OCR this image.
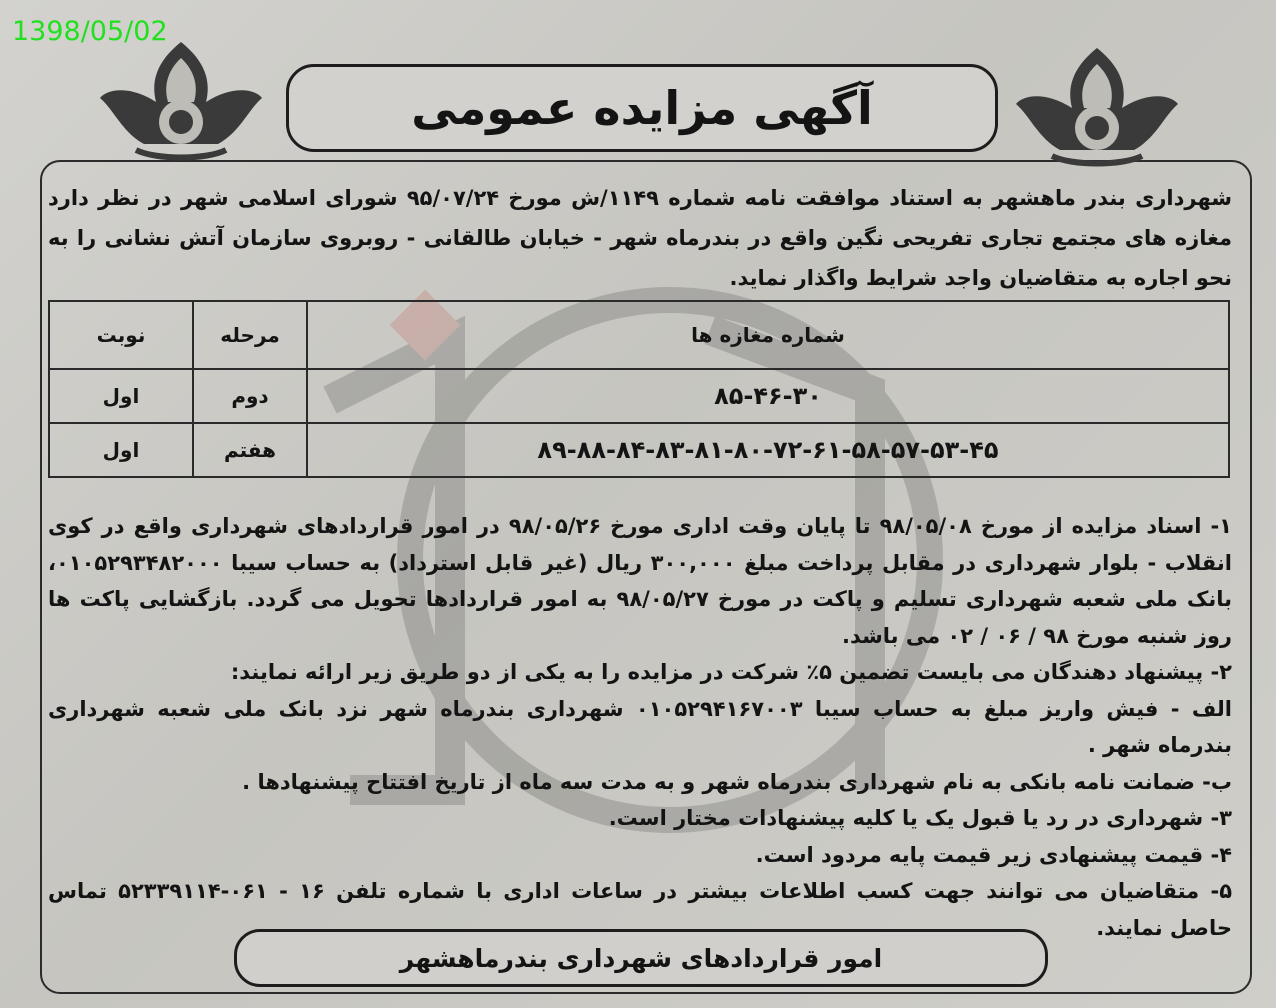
1398/05/02
آگهی مزایده عمومی
شهرداری بندر ماهشهر به استناد موافقت نامه شماره ۱۱۴۹/ش مورخ ۹۵/۰۷/۲۴ شورای اسلامی شهر در نظر دارد مغازه های مجتمع تجاری تفریحی نگین واقع در بندرماه شهر - خیابان طالقانی - روبروی سازمان آتش نشانی را به نحو اجاره به متقاضیان واجد شرایط واگذار نماید.
شماره مغازه ها	مرحله	نوبت
۸۵-۴۶-۳۰	دوم	اول
۸۹-۸۸-۸۴-۸۳-۸۱-۸۰-۷۲-۶۱-۵۸-۵۷-۵۳-۴۵	هفتم	اول

۱- اسناد مزایده از مورخ ۹۸/۰۵/۰۸ تا پایان وقت اداری مورخ ۹۸/۰۵/۲۶ در امور قراردادهای شهرداری واقع در کوی انقلاب - بلوار شهرداری در مقابل پرداخت مبلغ ۳۰۰,۰۰۰ ریال (غیر قابل استرداد) به حساب سیبا ۰۱۰۵۲۹۳۴۸۲۰۰۰، بانک ملی شعبه شهرداری تسلیم و پاکت در مورخ ۹۸/۰۵/۲۷ به امور قراردادها تحویل می گردد. بازگشایی پاکت ها روز شنبه مورخ ۹۸ / ۰۶ / ۰۲ می باشد.

۲- پیشنهاد دهندگان می بایست تضمین ۵٪ شرکت در مزایده را به یکی از دو طریق زیر ارائه نمایند:

الف - فیش واریز مبلغ به حساب سیبا ۰۱۰۵۲۹۴۱۶۷۰۰۳ شهرداری بندرماه شهر نزد بانک ملی شعبه شهرداری بندرماه شهر .

ب- ضمانت نامه بانکی به نام شهرداری بندرماه شهر و به مدت سه ماه از تاریخ افتتاح پیشنهادها .

۳- شهرداری در رد یا قبول یک یا کلیه پیشنهادات مختار است.

۴- قیمت پیشنهادی زیر قیمت پایه مردود است.

۵- متقاضیان می توانند جهت کسب اطلاعات بیشتر در ساعات اداری با شماره تلفن ۱۶ - ۰۶۱-۵۲۳۳۹۱۱۴ تماس حاصل نمایند.

امور قراردادهای شهرداری بندرماهشهر
